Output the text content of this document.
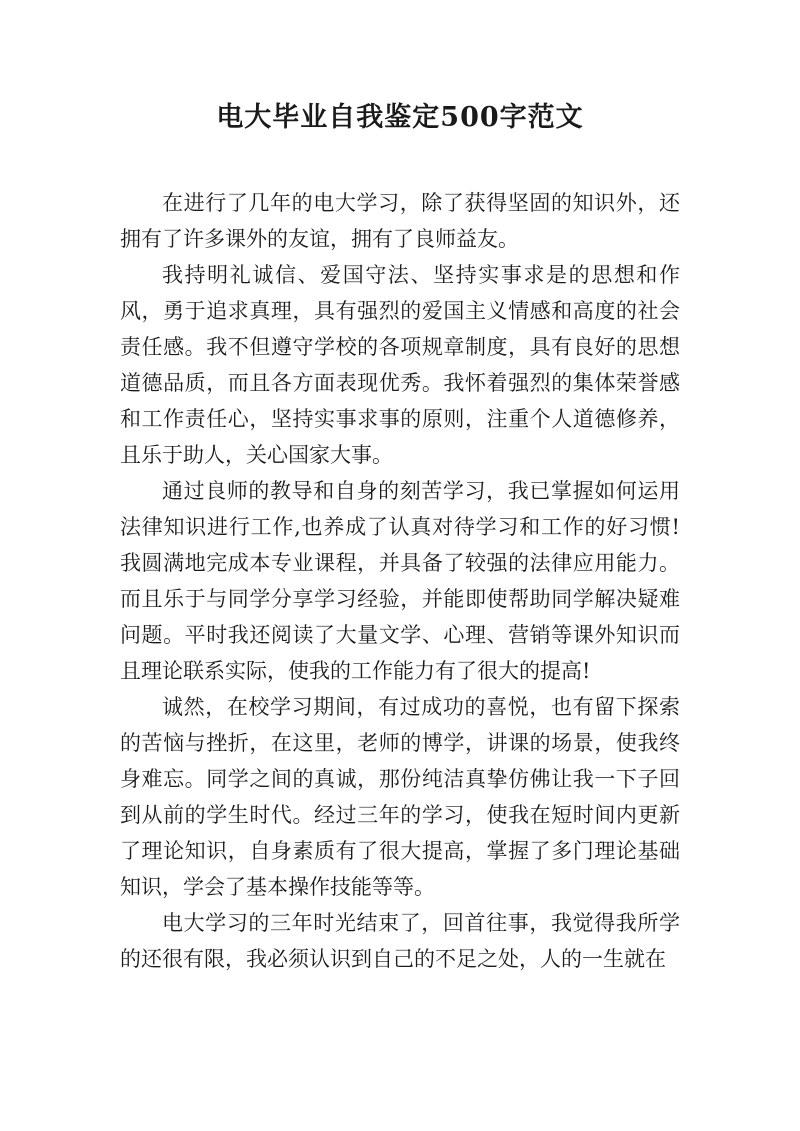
电大毕业自我鉴定500字范文

在进行了几年的电大学习，除了获得坚固的知识外，还拥有了许多课外的友谊，拥有了良师益友。

我持明礼诚信、爱国守法、坚持实事求是的思想和作风，勇于追求真理，具有强烈的爱国主义情感和高度的社会责任感。我不但遵守学校的各项规章制度，具有良好的思想道德品质，而且各方面表现优秀。我怀着强烈的集体荣誉感和工作责任心，坚持实事求事的原则，注重个人道德修养，且乐于助人，关心国家大事。

通过良师的教导和自身的刻苦学习，我已掌握如何运用法律知识进行工作,也养成了认真对待学习和工作的好习惯!我圆满地完成本专业课程，并具备了较强的法律应用能力。而且乐于与同学分享学习经验，并能即使帮助同学解决疑难问题。平时我还阅读了大量文学、心理、营销等课外知识而且理论联系实际，使我的工作能力有了很大的提高!

诚然，在校学习期间，有过成功的喜悦，也有留下探索的苦恼与挫折，在这里，老师的博学，讲课的场景，使我终身难忘。同学之间的真诚，那份纯洁真挚仿佛让我一下子回到从前的学生时代。经过三年的学习，使我在短时间内更新了理论知识，自身素质有了很大提高，掌握了多门理论基础知识，学会了基本操作技能等等。

电大学习的三年时光结束了，回首往事，我觉得我所学的还很有限，我必须认识到自己的不足之处，人的一生就在
